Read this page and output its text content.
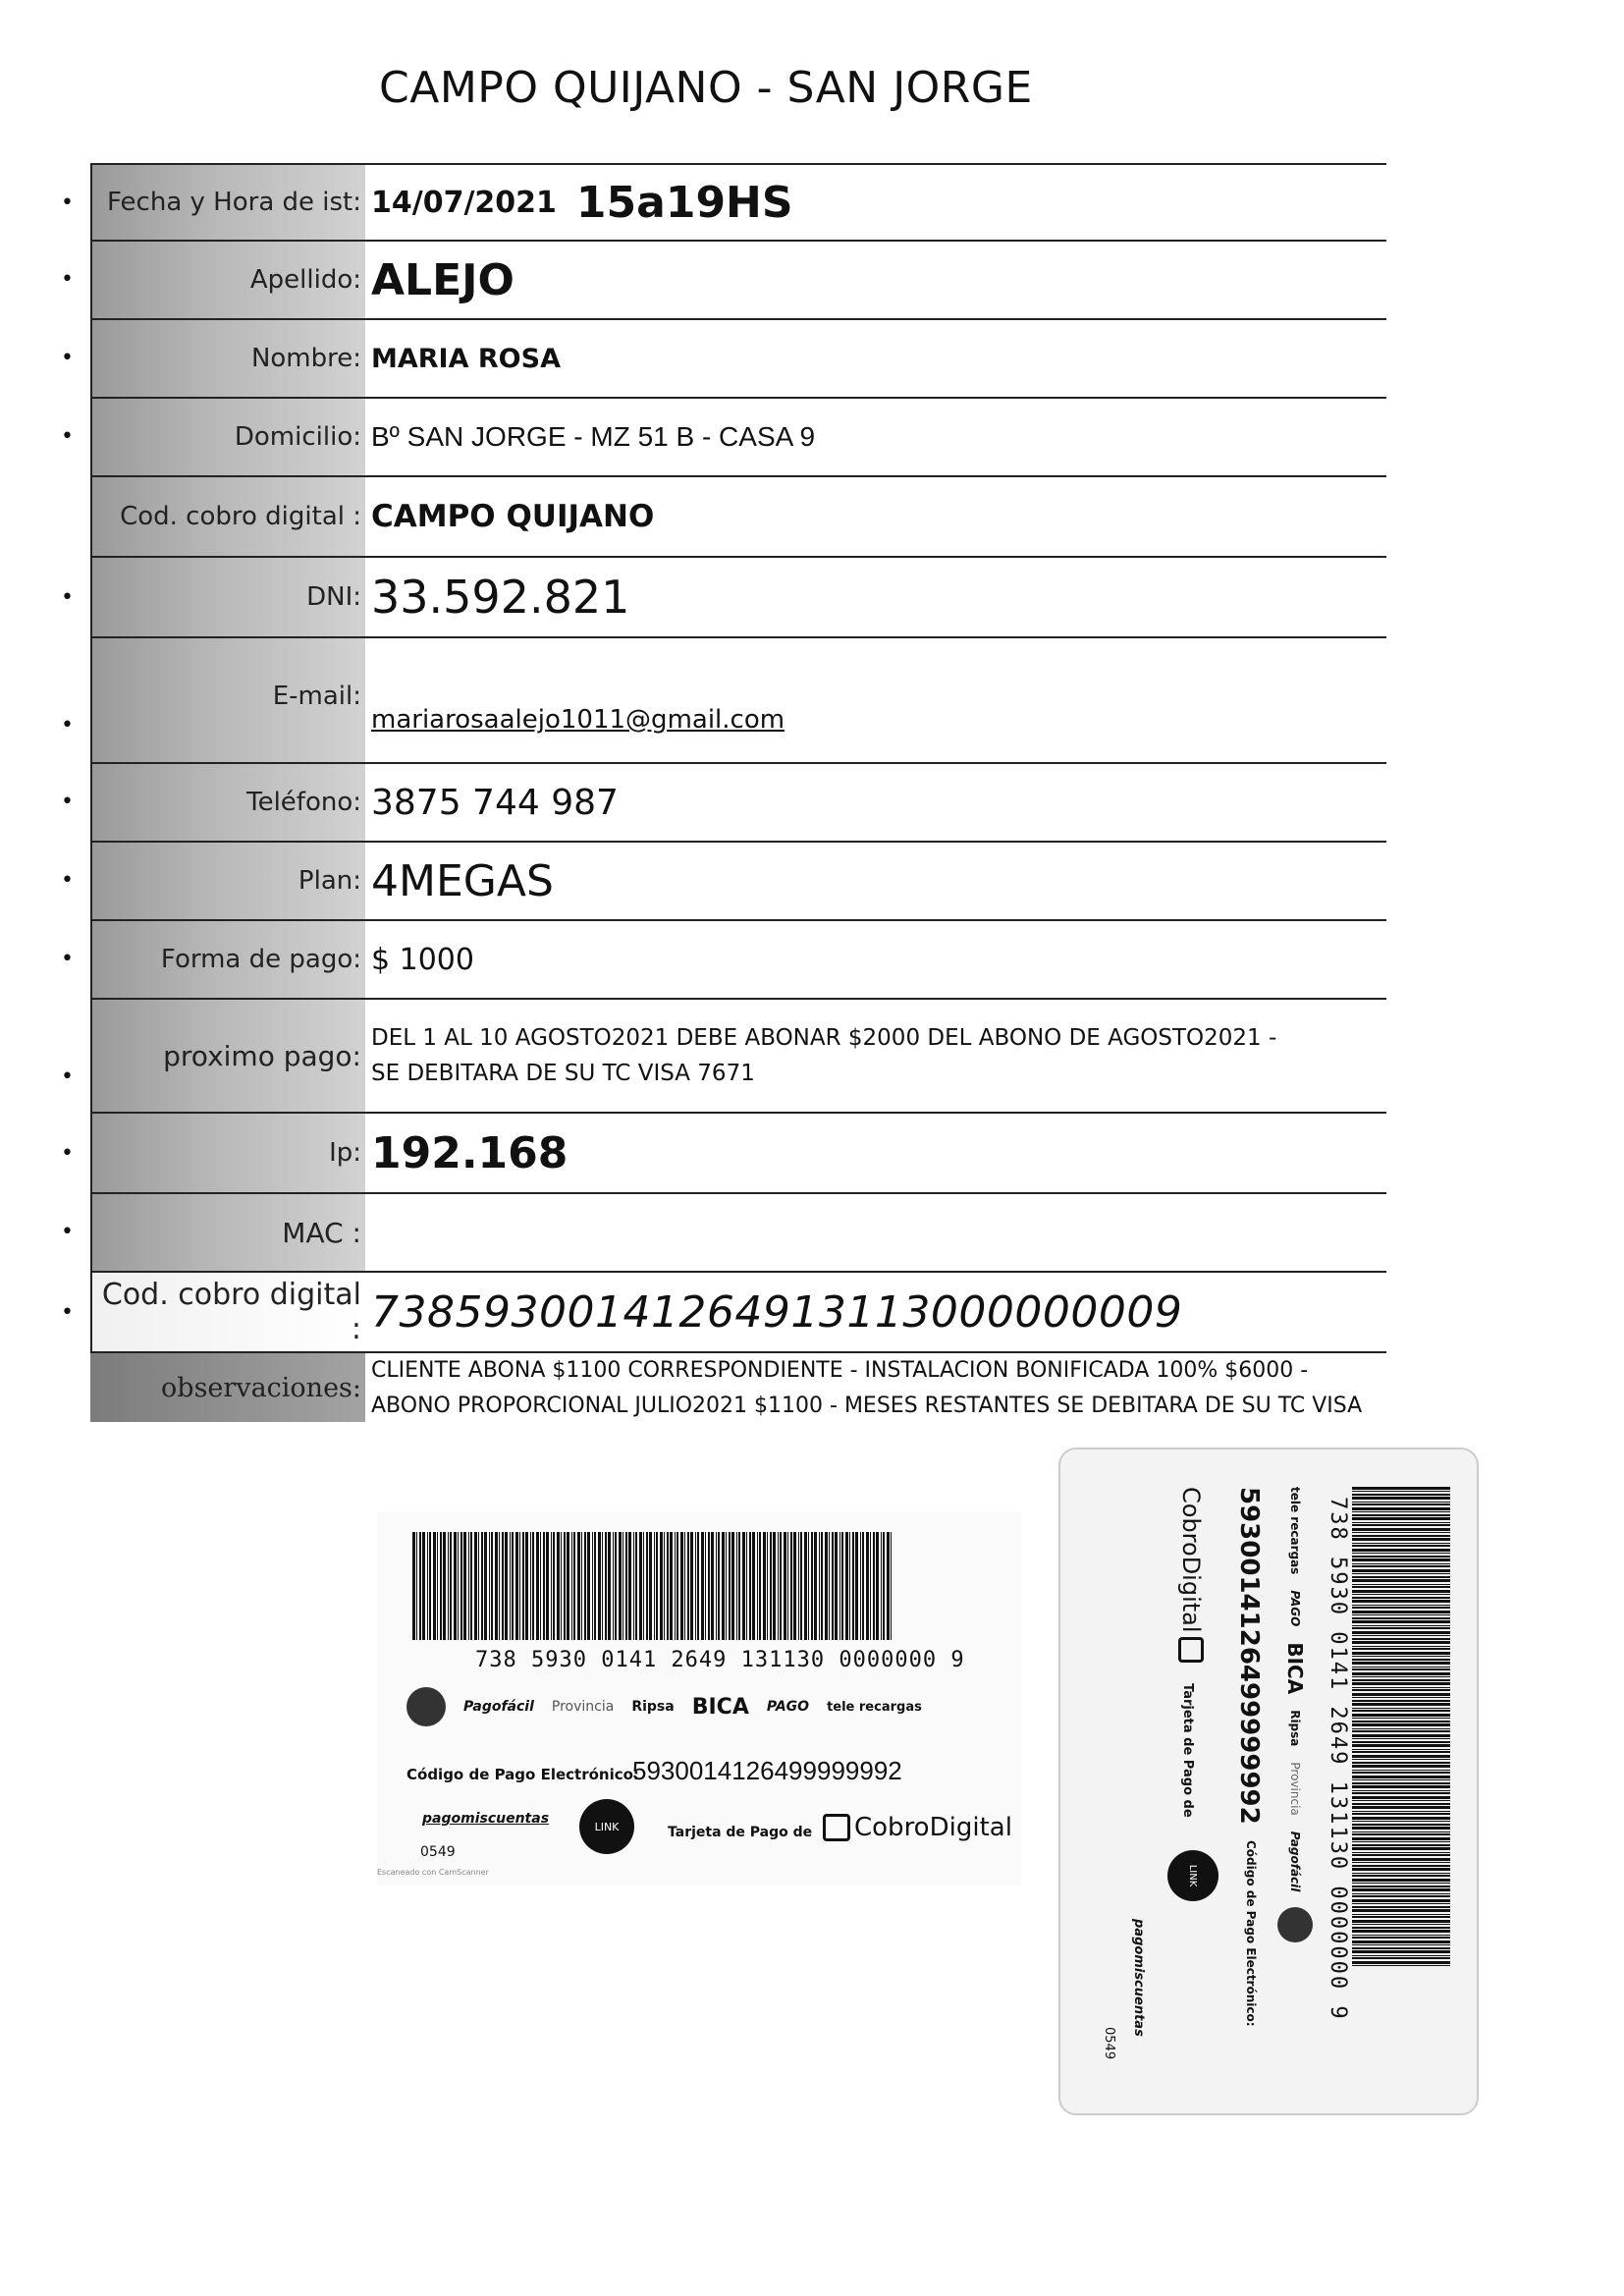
CAMPO QUIJANO - SAN JORGE
•	Fecha y Hora de ist: 14/07/2021 15a19HS
•	Apellido: ALEJO
•	Nombre: MARIA ROSA
•	Domicilio: Bº SAN JORGE - MZ 51 B - CASA 9
Cod. cobro digital : CAMPO QUIJANO
•	DNI: 33.592.821
•
E-mail:
mariarosaalejo1011@gmail.com
•	Teléfono: 3875 744 987
•	Plan: 4MEGAS
•	Forma de pago: $ 1000
•
proximo pago:
DEL 1 AL 10 AGOSTO2021 DEBE ABONAR $2000 DEL ABONO DE AGOSTO2021 - SE DEBITARA DE SU TC VISA 7671
•	Ip: 192.168
•	MAC :
•
Cod. cobro digital : 73859300141264913113000000009
observaciones:
CLIENTE ABONA $1100 CORRESPONDIENTE - INSTALACION BONIFICADA 100% $6000 - ABONO PROPORCIONAL JULIO2021 $1100 - MESES RESTANTES SE DEBITARA DE SU TC VISA
738 5930 0141 2649 131130 0000000 9
Pagofácil Provincia Ripsa BICA PAGO tele recargas
Código de Pago Electrónico:
5930014126499999992
pagomiscuentas	LINK	Tarjeta de Pago de CobroDigital
0549
Escaneado con CamScanner	738 5930 0141 2649 131130 0000000 9
tele recargas
PAGO
BICA
Ripsa
Provincia
Pagofácil
5930014126499999992
Código de Pago Electrónico:
CobroDigital
Tarjeta de Pago de
LINK
pagomiscuentas
0549
